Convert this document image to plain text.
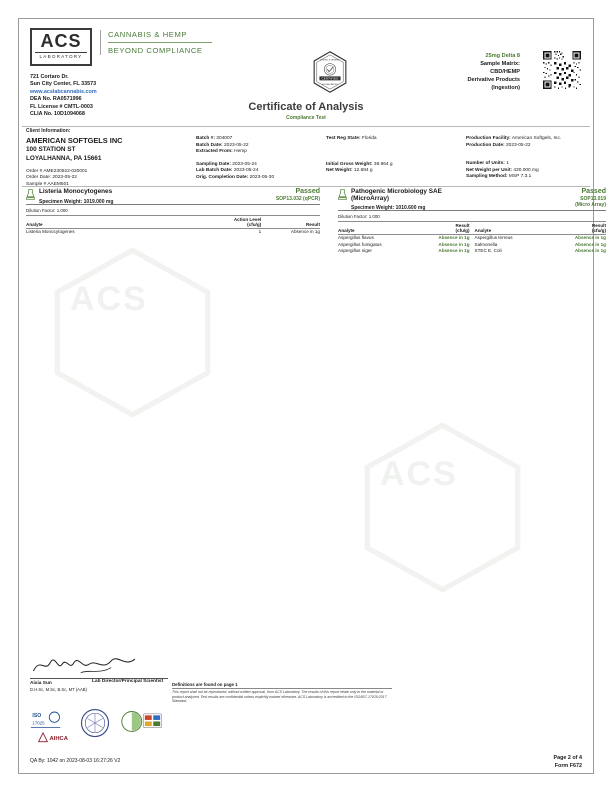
ACS
ACS
ACS
LABORATORY
CANNABIS & HEMP
BEYOND COMPLIANCE
721 Cortaro Dr.
Sun City Center, FL 33573
www.acslabcannabis.com
DEA No. RA0571996
FL License # CMTL-0003
CLIA No. 10D1094068
CERTIFIED
TESTED & VERIFIED
ACS LABORATORY
25mg Delta 8
Sample Matrix:
CBD/HEMP
Derivative Products
(Ingestion)
Certificate of Analysis
Compliance Test
Client Information:
AMERICAN SOFTGELS INC
100 STATION ST
LOYALHANNA, PA 15661
Order # AME230522-020001
Order Date: 2023-05-22
Sample # AAEM501
Batch #: 304007
Batch Date: 2023-05-22
Extracted From: Hemp
Sampling Date: 2023-05-24
Lab Batch Date: 2023-05-24
Orig. Completion Date: 2023-05-30
Test Reg State: Florida
Initial Gross Weight: 38.964 g
Net Weight: 12.684 g
Production Facility: American Softgels, Inc.
Production Date: 2023-05-22
Number of Units: 1
Net Weight per Unit: 430.000 mg
Sampling Method: MSP 7.3.1
Listeria Monocytogenes	Passed
SOP13.032 (qPCR)
Specimen Weight: 1019.000 mg
Dilution Factor: 1.000
Analyte	Action Level
(cfu/g)	Result
Listeria Monocytogenes	1	Absence in 1g
Pathogenic Microbiology SAE
(MicroArray)
Passed
SOP13.019
(Micro Array)
Specimen Weight: 1010.600 mg
Dilution Factor: 1.000
Analyte	
Result
(cfu/g)	Analyte	
Result
(cfu/g)

Aspergillus flavus	Absence in 1g	Aspergillus terreus	Absence in 1g
Aspergillus fumigatus	Absence in 1g	Salmonella	Absence in 1g
Aspergillus niger	Absence in 1g	STEC E. Coli	Absence in 1g
Aixia Sun	Lab Director/Principal Scientist
D.H.Sc, M.Sc, B.Sc, MT (AAB)
Definitions are found on page 1
This report shall not be reproduced, without written approval, from ACS Laboratory. The results of this report relate only to the material or product analyzed. Test results are confidential unless explicitly waived otherwise. ACS Laboratory is accredited to the ISO/IEC 17025:2017 Standard.
ISO
17025
AIHCA
QA By: 1042 on 2023-08-03 16:27:26 V2	Page 2 of 4
Form F672
